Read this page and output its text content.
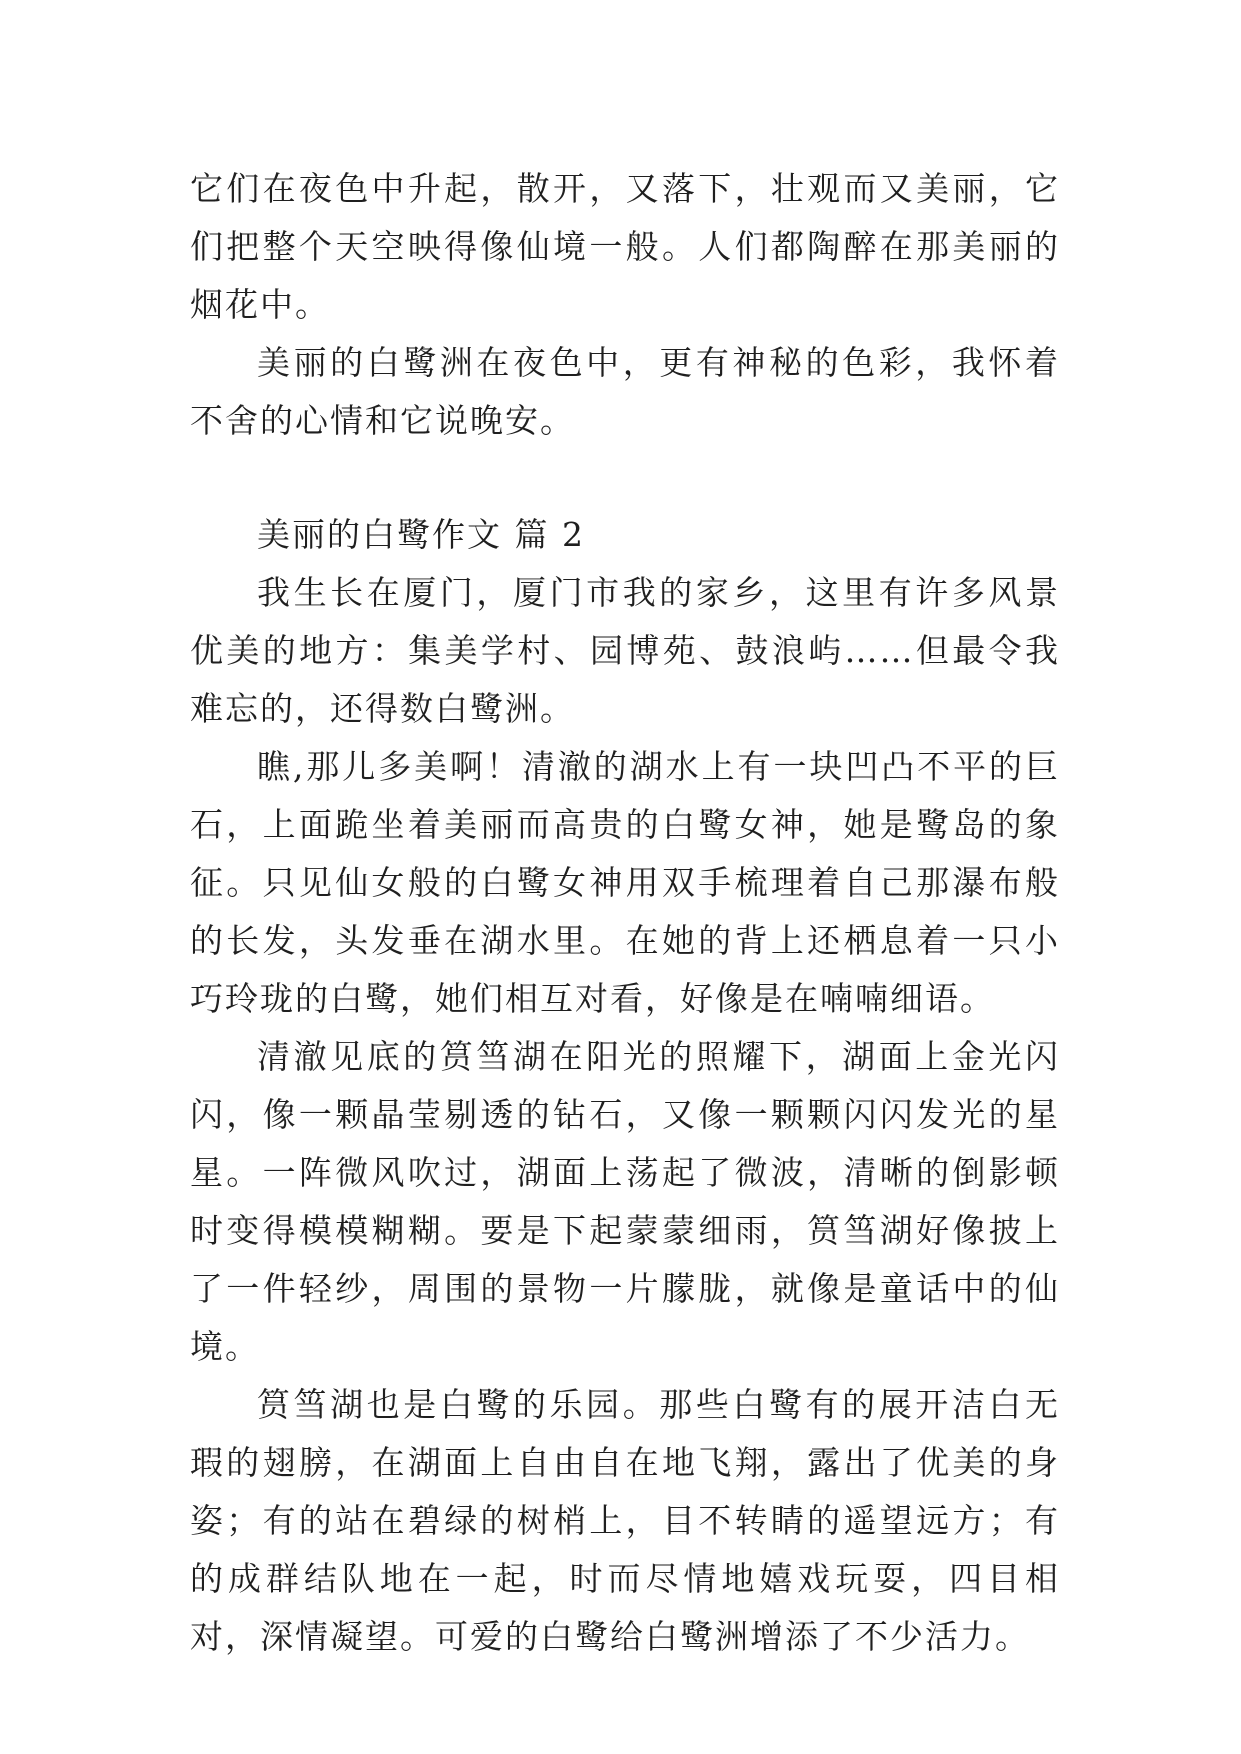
它们在夜色中升起，散开，又落下，壮观而又美丽，它们把整个天空映得像仙境一般。人们都陶醉在那美丽的烟花中。

美丽的白鹭洲在夜色中，更有神秘的色彩，我怀着不舍的心情和它说晚安。

美丽的白鹭作文 篇 2

我生长在厦门，厦门市我的家乡，这里有许多风景优美的地方：集美学村、园博苑、鼓浪屿……但最令我难忘的，还得数白鹭洲。

瞧,那儿多美啊！清澈的湖水上有一块凹凸不平的巨石，上面跪坐着美丽而高贵的白鹭女神，她是鹭岛的象征。只见仙女般的白鹭女神用双手梳理着自己那瀑布般的长发，头发垂在湖水里。在她的背上还栖息着一只小巧玲珑的白鹭，她们相互对看，好像是在喃喃细语。

清澈见底的筼筜湖在阳光的照耀下，湖面上金光闪闪，像一颗晶莹剔透的钻石，又像一颗颗闪闪发光的星星。一阵微风吹过，湖面上荡起了微波，清晰的倒影顿时变得模模糊糊。要是下起蒙蒙细雨，筼筜湖好像披上了一件轻纱，周围的景物一片朦胧，就像是童话中的仙境。

筼筜湖也是白鹭的乐园。那些白鹭有的展开洁白无瑕的翅膀，在湖面上自由自在地飞翔，露出了优美的身姿；有的站在碧绿的树梢上，目不转睛的遥望远方；有的成群结队地在一起，时而尽情地嬉戏玩耍，四目相对，深情凝望。可爱的白鹭给白鹭洲增添了不少活力。
